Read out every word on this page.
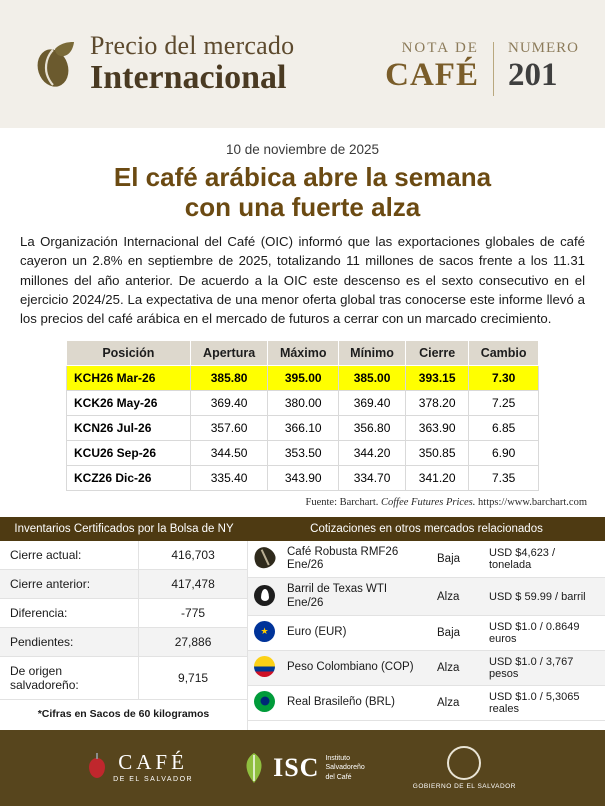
Precio del mercado
Internacional
NOTA DE
CAFÉ
NUMERO
201
10 de noviembre de 2025
El café arábica abre la semana
con una fuerte alza

La Organización Internacional del Café (OIC) informó que las exportaciones globales de café cayeron un 2.8% en septiembre de 2025, totalizando 11 millones de sacos frente a los 11.31 millones del año anterior. De acuerdo a la OIC este descenso es el sexto consecutivo en el ejercicio 2024/25. La expectativa de una menor oferta global tras conocerse este informe llevó a los precios del café arábica en el mercado de futuros a cerrar con un marcado crecimiento.

Posición	Apertura	Máximo	Mínimo	Cierre	Cambio
KCH26 Mar-26	385.80	395.00	385.00	393.15	7.30
KCK26 May-26	369.40	380.00	369.40	378.20	7.25
KCN26 Jul-26	357.60	366.10	356.80	363.90	6.85
KCU26 Sep-26	344.50	353.50	344.20	350.85	6.90
KCZ26 Dic-26	335.40	343.90	334.70	341.20	7.35
Fuente: Barchart. Coffee Futures Prices. https://www.barchart.com
Inventarios Certificados por la Bolsa de NY
Cierre actual:	416,703
Cierre anterior:	417,478
Diferencia:	-775
Pendientes:	27,886
De origen salvadoreño:	9,715
*Cifras en Sacos de 60 kilogramos
Cotizaciones en otros mercados relacionados
	Café Robusta RMF26 Ene/26	Baja	USD $4,623 / tonelada
	Barril de Texas WTI Ene/26	Alza	USD $ 59.99 / barril
★	Euro (EUR)	Baja	USD $1.0 / 0.8649 euros
	Peso Colombiano (COP)	Alza	USD $1.0 / 3,767 pesos
	Real Brasileño (BRL)	Alza	USD $1.0 / 5,3065 reales
CAFÉ
DE EL SALVADOR	ISC Instituto
Salvadoreño
del Café
GOBIERNO DE EL SALVADOR
